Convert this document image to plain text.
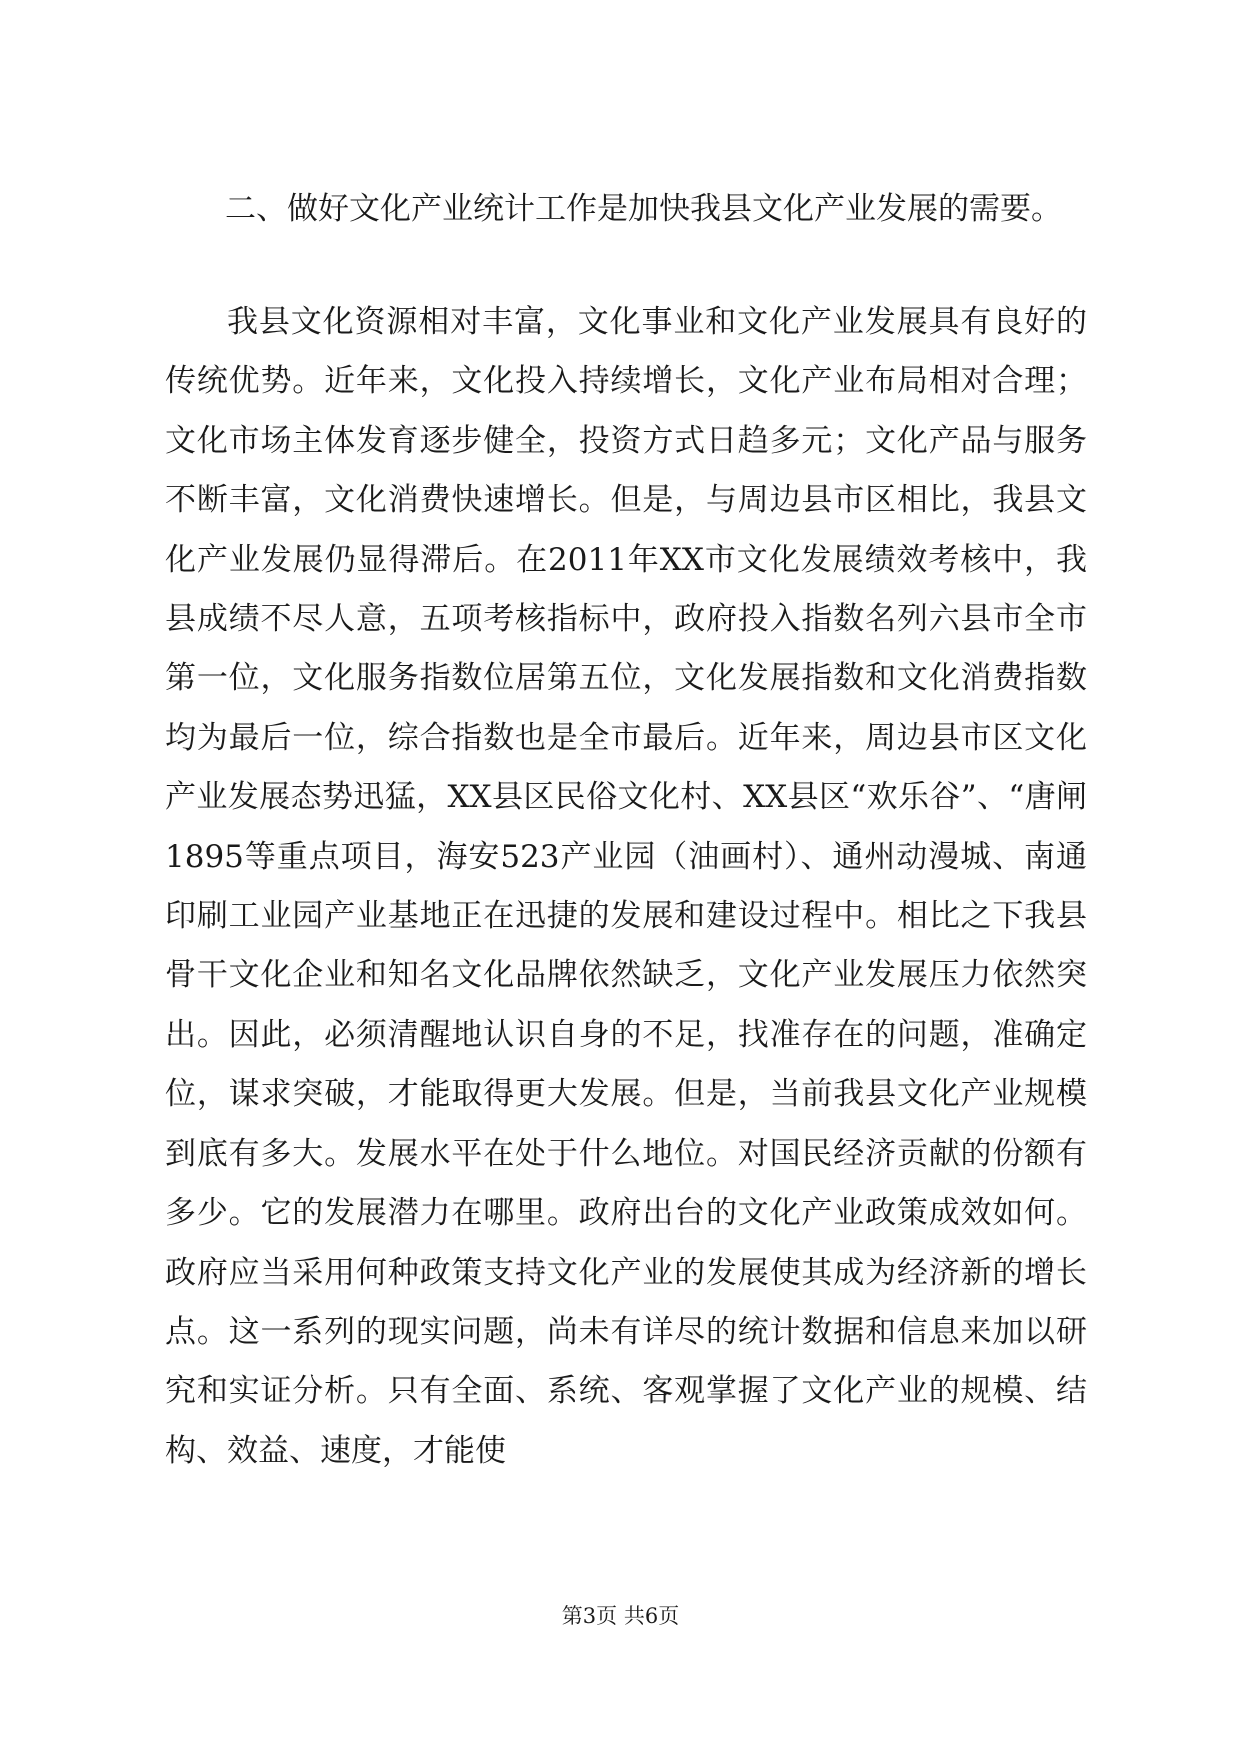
二、做好文化产业统计工作是加快我县文化产业发展的需要。

我县文化资源相对丰富，文化事业和文化产业发展具有良好的传统优势。近年来，文化投入持续增长，文化产业布局相对合理；文化市场主体发育逐步健全，投资方式日趋多元；文化产品与服务不断丰富，文化消费快速增长。但是，与周边县市区相比，我县文化产业发展仍显得滞后。在2011年XX市文化发展绩效考核中，我县成绩不尽人意，五项考核指标中，政府投入指数名列六县市全市第一位，文化服务指数位居第五位，文化发展指数和文化消费指数均为最后一位，综合指数也是全市最后。近年来，周边县市区文化产业发展态势迅猛，XX县区民俗文化村、XX县区“欢乐谷”、“唐闸1895等重点项目，海安523产业园（油画村）、通州动漫城、南通印刷工业园产业基地正在迅捷的发展和建设过程中。相比之下我县骨干文化企业和知名文化品牌依然缺乏，文化产业发展压力依然突出。因此，必须清醒地认识自身的不足，找准存在的问题，准确定位，谋求突破，才能取得更大发展。但是，当前我县文化产业规模到底有多大。发展水平在处于什么地位。对国民经济贡献的份额有多少。它的发展潜力在哪里。政府出台的文化产业政策成效如何。政府应当采用何种政策支持文化产业的发展使其成为经济新的增长点。这一系列的现实问题，尚未有详尽的统计数据和信息来加以研究和实证分析。只有全面、系统、客观掌握了文化产业的规模、结构、效益、速度，才能使

第3页 共6页
